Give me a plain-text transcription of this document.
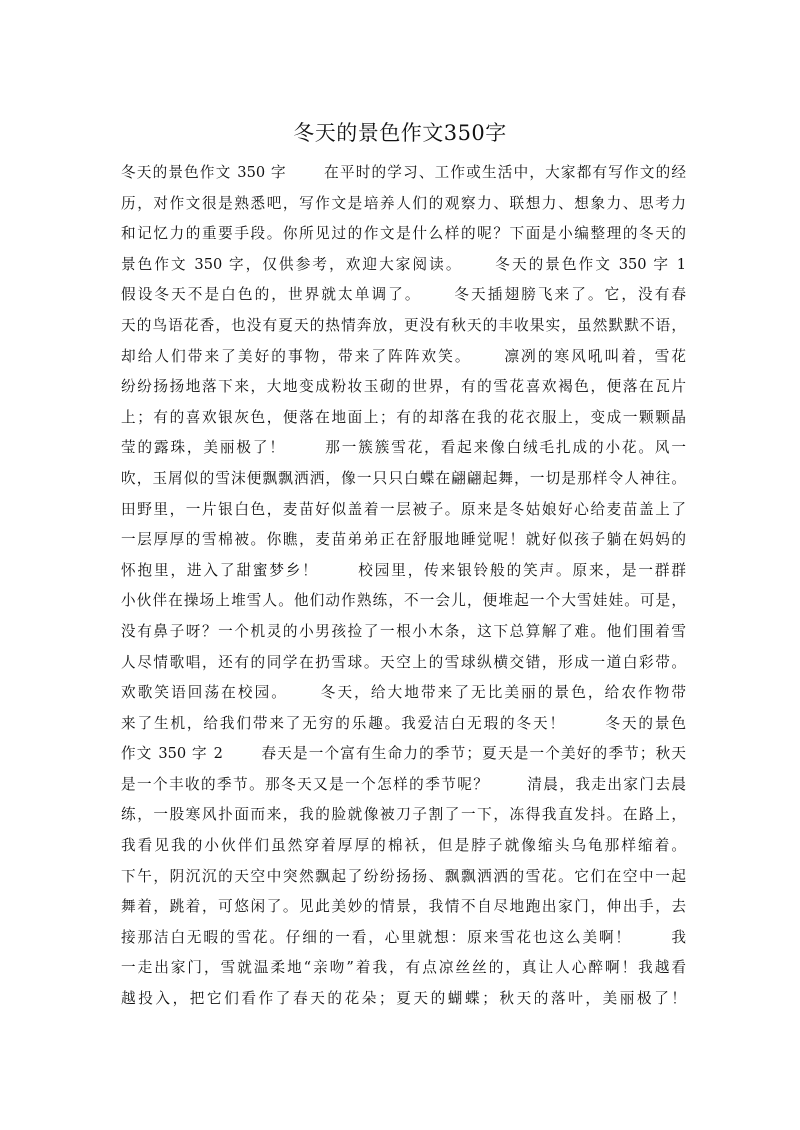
冬天的景色作文350字
冬天的景色作文 350 字　　 在平时的学习、工作或生活中，大家都有写作文的经
历，对作文很是熟悉吧，写作文是培养人们的观察力、联想力、想象力、思考力
和记忆力的重要手段。你所见过的作文是什么样的呢？下面是小编整理的冬天的
景色作文 350 字，仅供参考，欢迎大家阅读。　　 冬天的景色作文 350 字 1
假设冬天不是白色的，世界就太单调了。　　 冬天插翅膀飞来了。它，没有春
天的鸟语花香，也没有夏天的热情奔放，更没有秋天的丰收果实，虽然默默不语，
却给人们带来了美好的事物，带来了阵阵欢笑。　　 凛冽的寒风吼叫着，雪花
纷纷扬扬地落下来，大地变成粉妆玉砌的世界，有的雪花喜欢褐色，便落在瓦片
上；有的喜欢银灰色，便落在地面上；有的却落在我的花衣服上，变成一颗颗晶
莹的露珠，美丽极了！　　 那一簇簇雪花，看起来像白绒毛扎成的小花。风一
吹，玉屑似的雪沫便飘飘洒洒，像一只只白蝶在翩翩起舞，一切是那样令人神往。
田野里，一片银白色，麦苗好似盖着一层被子。原来是冬姑娘好心给麦苗盖上了
一层厚厚的雪棉被。你瞧，麦苗弟弟正在舒服地睡觉呢！就好似孩子躺在妈妈的
怀抱里，进入了甜蜜梦乡！　　 校园里，传来银铃般的笑声。原来，是一群群
小伙伴在操场上堆雪人。他们动作熟练，不一会儿，便堆起一个大雪娃娃。可是，
没有鼻子呀？一个机灵的小男孩捡了一根小木条，这下总算解了难。他们围着雪
人尽情歌唱，还有的同学在扔雪球。天空上的雪球纵横交错，形成一道白彩带。
欢歌笑语回荡在校园。　　 冬天，给大地带来了无比美丽的景色，给农作物带
来了生机，给我们带来了无穷的乐趣。我爱洁白无瑕的冬天！　　 冬天的景色
作文 350 字 2　　 春天是一个富有生命力的季节；夏天是一个美好的季节；秋天
是一个丰收的季节。那冬天又是一个怎样的季节呢？　　 清晨，我走出家门去晨
练，一股寒风扑面而来，我的脸就像被刀子割了一下，冻得我直发抖。在路上，
我看见我的小伙伴们虽然穿着厚厚的棉袄，但是脖子就像缩头乌龟那样缩着。
下午，阴沉沉的天空中突然飘起了纷纷扬扬、飘飘洒洒的雪花。它们在空中一起
舞着，跳着，可悠闲了。见此美妙的情景，我情不自尽地跑出家门，伸出手，去
接那洁白无暇的雪花。仔细的一看，心里就想：原来雪花也这么美啊！　　 我
一走出家门，雪就温柔地“亲吻”着我，有点凉丝丝的，真让人心醉啊！我越看
越投入，把它们看作了春天的花朵；夏天的蝴蝶；秋天的落叶，美丽极了！
